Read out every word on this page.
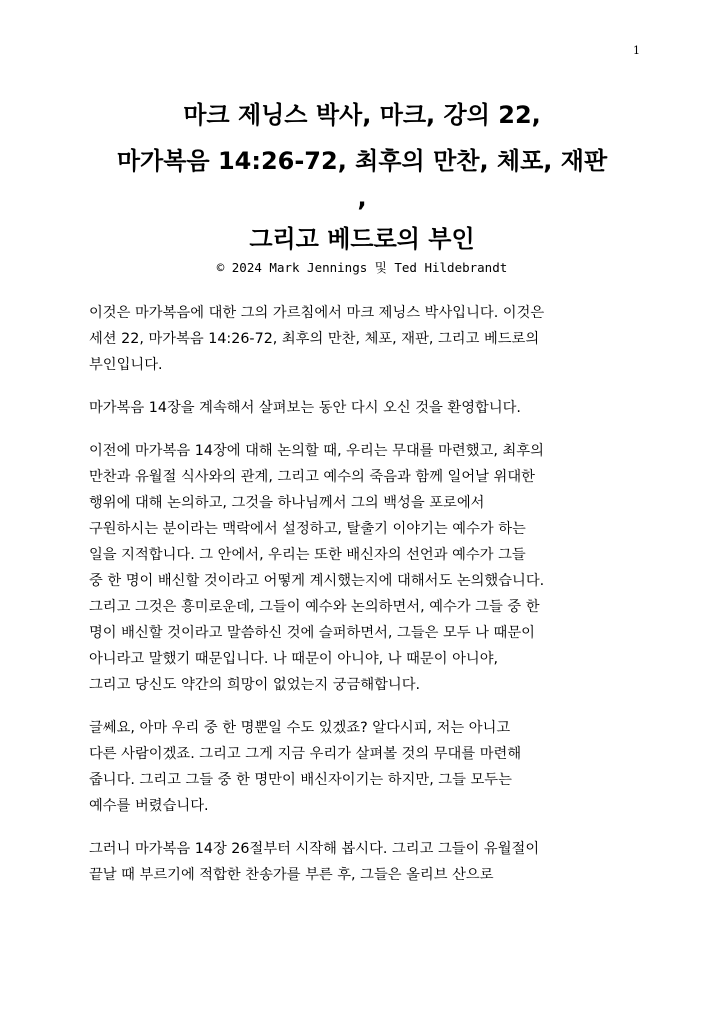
1
마크 제닝스 박사, 마크, 강의 22,
마가복음 14:26-72, 최후의 만찬, 체포, 재판
,
그리고 베드로의 부인
© 2024 Mark Jennings 및 Ted Hildebrandt
이것은 마가복음에 대한 그의 가르침에서 마크 제닝스 박사입니다. 이것은
세션 22, 마가복음 14:26-72, 최후의 만찬, 체포, 재판, 그리고 베드로의
부인입니다.
마가복음 14장을 계속해서 살펴보는 동안 다시 오신 것을 환영합니다.
이전에 마가복음 14장에 대해 논의할 때, 우리는 무대를 마련했고, 최후의
만찬과 유월절 식사와의 관계, 그리고 예수의 죽음과 함께 일어날 위대한
행위에 대해 논의하고, 그것을 하나님께서 그의 백성을 포로에서
구원하시는 분이라는 맥락에서 설정하고, 탈출기 이야기는 예수가 하는
일을 지적합니다. 그 안에서, 우리는 또한 배신자의 선언과 예수가 그들
중 한 명이 배신할 것이라고 어떻게 계시했는지에 대해서도 논의했습니다.
그리고 그것은 흥미로운데, 그들이 예수와 논의하면서, 예수가 그들 중 한
명이 배신할 것이라고 말씀하신 것에 슬퍼하면서, 그들은 모두 나 때문이
아니라고 말했기 때문입니다. 나 때문이 아니야, 나 때문이 아니야,
그리고 당신도 약간의 희망이 없었는지 궁금해합니다.
글쎄요, 아마 우리 중 한 명뿐일 수도 있겠죠? 알다시피, 저는 아니고
다른 사람이겠죠. 그리고 그게 지금 우리가 살펴볼 것의 무대를 마련해
줍니다. 그리고 그들 중 한 명만이 배신자이기는 하지만, 그들 모두는
예수를 버렸습니다.
그러니 마가복음 14장 26절부터 시작해 봅시다. 그리고 그들이 유월절이
끝날 때 부르기에 적합한 찬송가를 부른 후, 그들은 올리브 산으로
